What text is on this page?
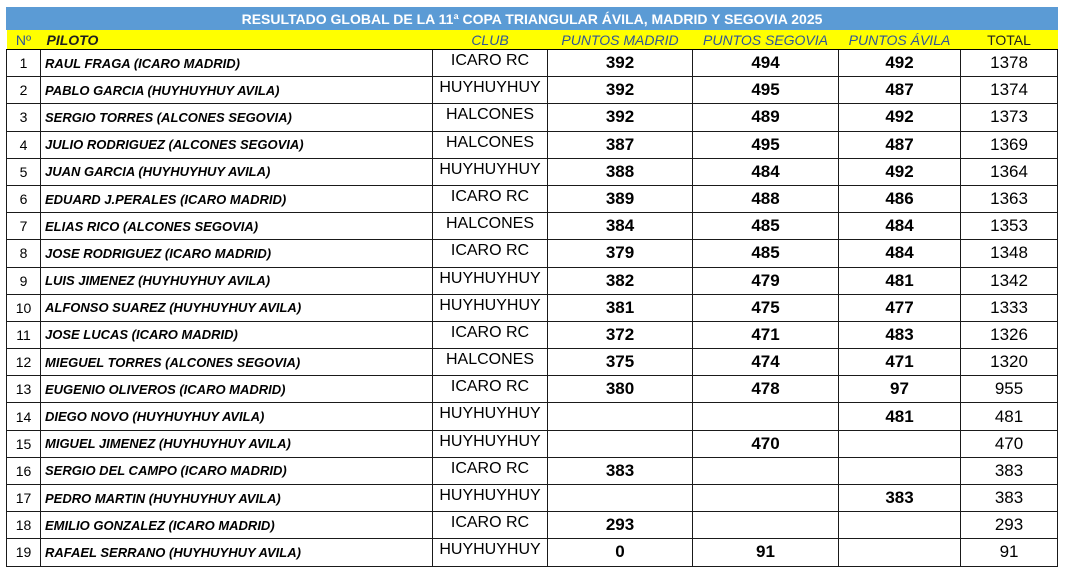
RESULTADO GLOBAL DE LA 11ª COPA TRIANGULAR ÁVILA, MADRID Y SEGOVIA 2025						
Nº	PILOTO	CLUB	PUNTOS MADRID	PUNTOS SEGOVIA	PUNTOS ÁVILA	TOTAL
1	RAUL FRAGA (ICARO MADRID)	ICARO RC	392	494	492	1378
2	PABLO GARCIA (HUYHUYHUY AVILA)	HUYHUYHUY	392	495	487	1374
3	SERGIO TORRES (ALCONES SEGOVIA)	HALCONES	392	489	492	1373
4	JULIO RODRIGUEZ (ALCONES SEGOVIA)	HALCONES	387	495	487	1369
5	JUAN GARCIA (HUYHUYHUY AVILA)	HUYHUYHUY	388	484	492	1364
6	EDUARD J.PERALES (ICARO MADRID)	ICARO RC	389	488	486	1363
7	ELIAS RICO (ALCONES SEGOVIA)	HALCONES	384	485	484	1353
8	JOSE RODRIGUEZ (ICARO MADRID)	ICARO RC	379	485	484	1348
9	LUIS JIMENEZ (HUYHUYHUY AVILA)	HUYHUYHUY	382	479	481	1342
10	ALFONSO SUAREZ (HUYHUYHUY AVILA)	HUYHUYHUY	381	475	477	1333
11	JOSE LUCAS (ICARO MADRID)	ICARO RC	372	471	483	1326
12	MIEGUEL TORRES (ALCONES SEGOVIA)	HALCONES	375	474	471	1320
13	EUGENIO OLIVEROS (ICARO MADRID)	ICARO RC	380	478	97	955
14	DIEGO NOVO (HUYHUYHUY AVILA)	HUYHUYHUY			481	481
15	MIGUEL JIMENEZ (HUYHUYHUY AVILA)	HUYHUYHUY		470		470
16	SERGIO DEL CAMPO (ICARO MADRID)	ICARO RC	383			383
17	PEDRO MARTIN (HUYHUYHUY AVILA)	HUYHUYHUY			383	383
18	EMILIO GONZALEZ (ICARO MADRID)	ICARO RC	293			293
19	RAFAEL SERRANO (HUYHUYHUY AVILA)	HUYHUYHUY	0	91		91
